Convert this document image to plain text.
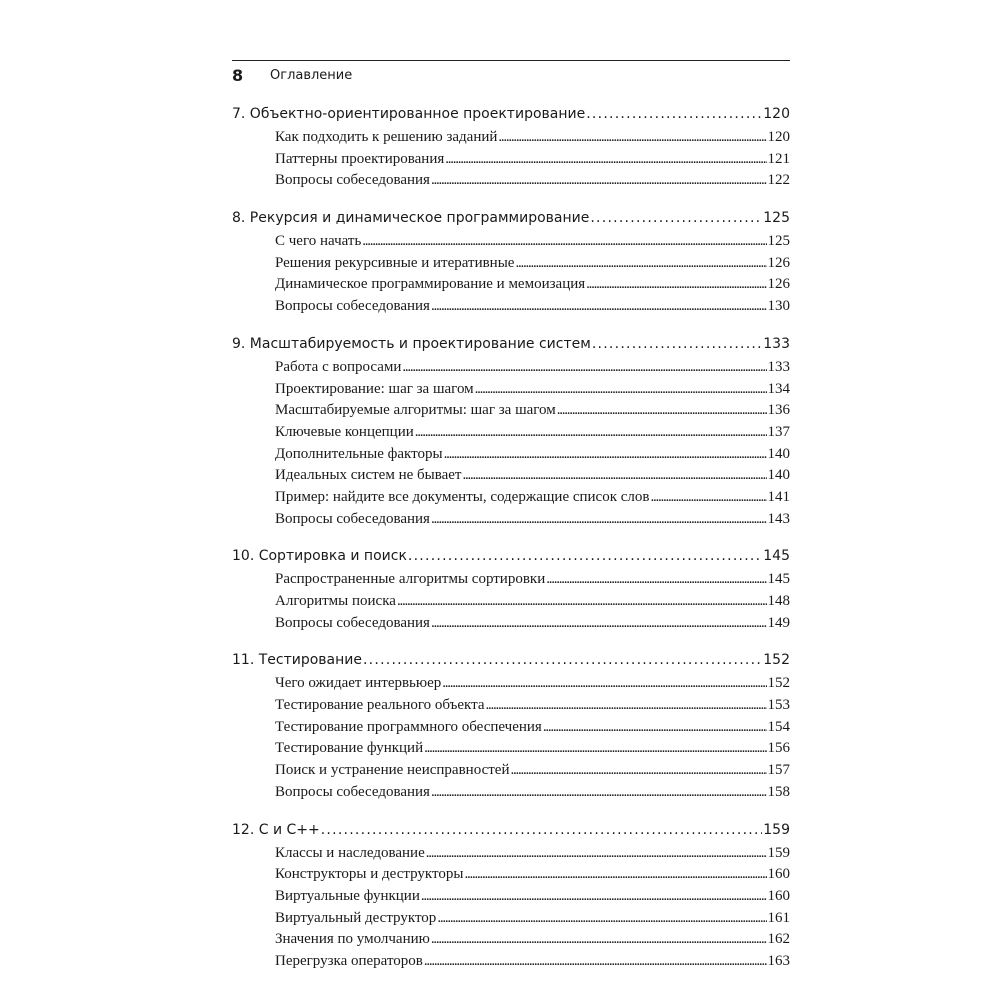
8 Оглавление
7. Объектно-ориентированное проектирование . . .	120
Как подходить к решению заданий . . .	120
Паттерны проектирования . . .	121
Вопросы собеседования . . .	122
8. Рекурсия и динамическое программирование . . .	125
С чего начать . . .	125
Решения рекурсивные и итеративные . . .	126
Динамическое программирование и мемоизация . . .	126
Вопросы собеседования . . .	130
9. Масштабируемость и проектирование систем . . .	133
Работа с вопросами . . .	133
Проектирование: шаг за шагом . . .	134
Масштабируемые алгоритмы: шаг за шагом . . .	136
Ключевые концепции . . .	137
Дополнительные факторы . . .	140
Идеальных систем не бывает . . .	140
Пример: найдите все документы, содержащие список слов . . .	141
Вопросы собеседования . . .	143
10. Сортировка и поиск . . .	145
Распространенные алгоритмы сортировки . . .	145
Алгоритмы поиска . . .	148
Вопросы собеседования . . .	149
11. Тестирование . . .	152
Чего ожидает интервьюер . . .	152
Тестирование реального объекта . . .	153
Тестирование программного обеспечения . . .	154
Тестирование функций . . .	156
Поиск и устранение неисправностей . . .	157
Вопросы собеседования . . .	158
12. С и С++ . . .	159
Классы и наследование . . .	159
Конструкторы и деструкторы . . .	160
Виртуальные функции . . .	160
Виртуальный деструктор . . .	161
Значения по умолчанию . . .	162
Перегрузка операторов . . .	163
